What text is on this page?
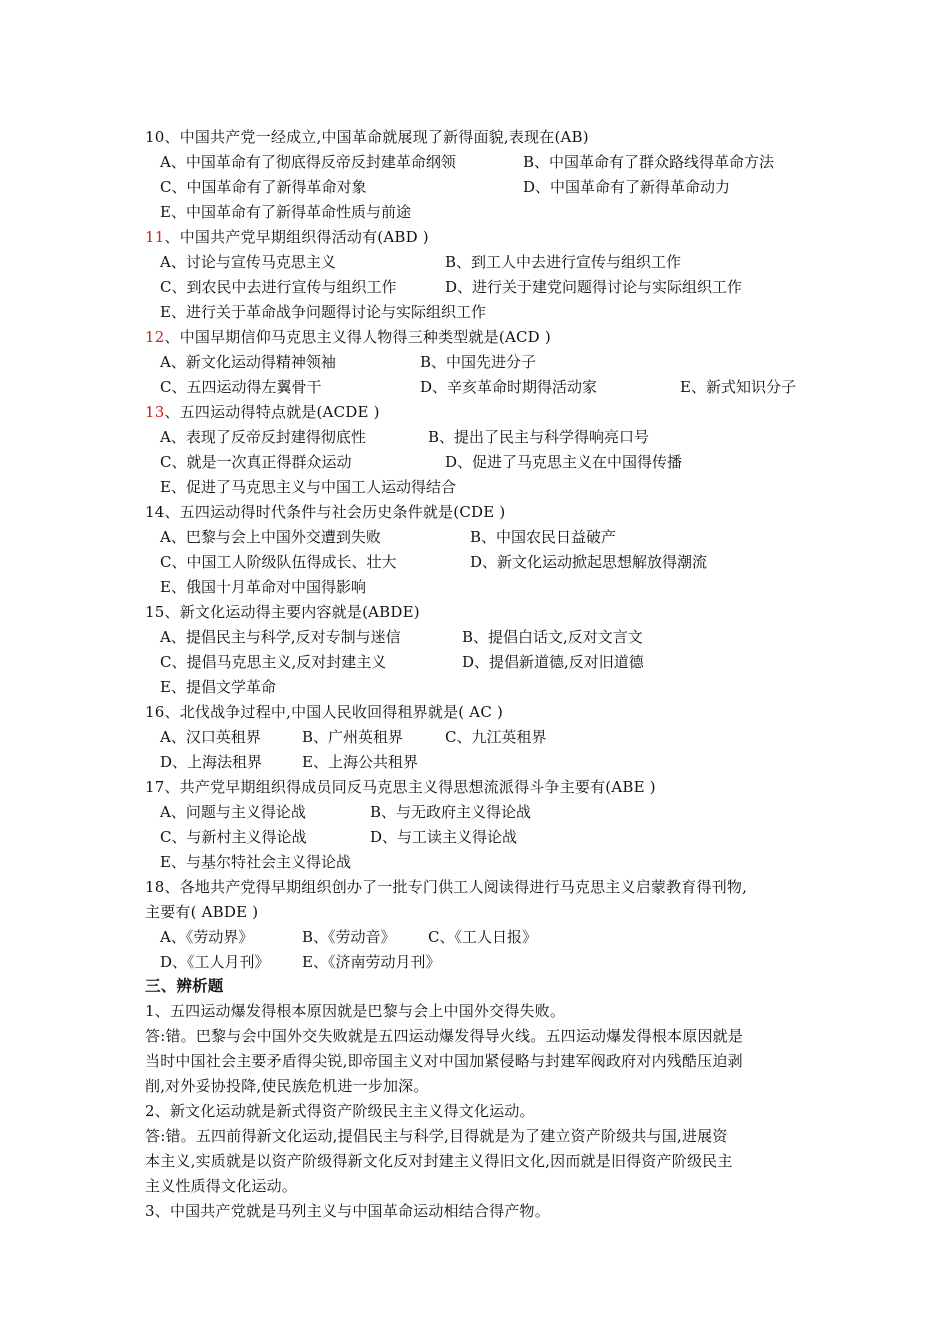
10、中国共产党一经成立,中国革命就展现了新得面貌,表现在(AB)
A、中国革命有了彻底得反帝反封建革命纲领	B、中国革命有了群众路线得革命方法
C、中国革命有了新得革命对象	D、中国革命有了新得革命动力
E、中国革命有了新得革命性质与前途
11、中国共产党早期组织得活动有(ABD )
A、讨论与宣传马克思主义	B、到工人中去进行宣传与组织工作
C、到农民中去进行宣传与组织工作	D、进行关于建党问题得讨论与实际组织工作
E、进行关于革命战争问题得讨论与实际组织工作
12、中国早期信仰马克思主义得人物得三种类型就是(ACD )
A、新文化运动得精神领袖	B、中国先进分子
C、五四运动得左翼骨干	D、辛亥革命时期得活动家	E、新式知识分子
13、五四运动得特点就是(ACDE )
A、表现了反帝反封建得彻底性	B、提出了民主与科学得响亮口号
C、就是一次真正得群众运动	D、促进了马克思主义在中国得传播
E、促进了马克思主义与中国工人运动得结合
14、五四运动得时代条件与社会历史条件就是(CDE )
A、巴黎与会上中国外交遭到失败	B、中国农民日益破产
C、中国工人阶级队伍得成长、壮大	D、新文化运动掀起思想解放得潮流
E、俄国十月革命对中国得影响
15、新文化运动得主要内容就是(ABDE)
A、提倡民主与科学,反对专制与迷信	B、提倡白话文,反对文言文
C、提倡马克思主义,反对封建主义	D、提倡新道德,反对旧道德
E、提倡文学革命
16、北伐战争过程中,中国人民收回得租界就是( AC )
A、汉口英租界	B、广州英租界	C、九江英租界
D、上海法租界	E、上海公共租界
17、共产党早期组织得成员同反马克思主义得思想流派得斗争主要有(ABE )
A、问题与主义得论战	B、与无政府主义得论战
C、与新村主义得论战	D、与工读主义得论战
E、与基尔特社会主义得论战
18、各地共产党得早期组织创办了一批专门供工人阅读得进行马克思主义启蒙教育得刊物,
主要有( ABDE )
A、《劳动界》	B、《劳动音》 C、《工人日报》
D、《工人月刊》 E、《济南劳动月刊》
三、辨析题
1、五四运动爆发得根本原因就是巴黎与会上中国外交得失败。
答:错。巴黎与会中国外交失败就是五四运动爆发得导火线。五四运动爆发得根本原因就是
当时中国社会主要矛盾得尖锐,即帝国主义对中国加紧侵略与封建军阀政府对内残酷压迫剥
削,对外妥协投降,使民族危机进一步加深。
2、新文化运动就是新式得资产阶级民主主义得文化运动。
答:错。五四前得新文化运动,提倡民主与科学,目得就是为了建立资产阶级共与国,进展资
本主义,实质就是以资产阶级得新文化反对封建主义得旧文化,因而就是旧得资产阶级民主
主义性质得文化运动。
3、中国共产党就是马列主义与中国革命运动相结合得产物。
